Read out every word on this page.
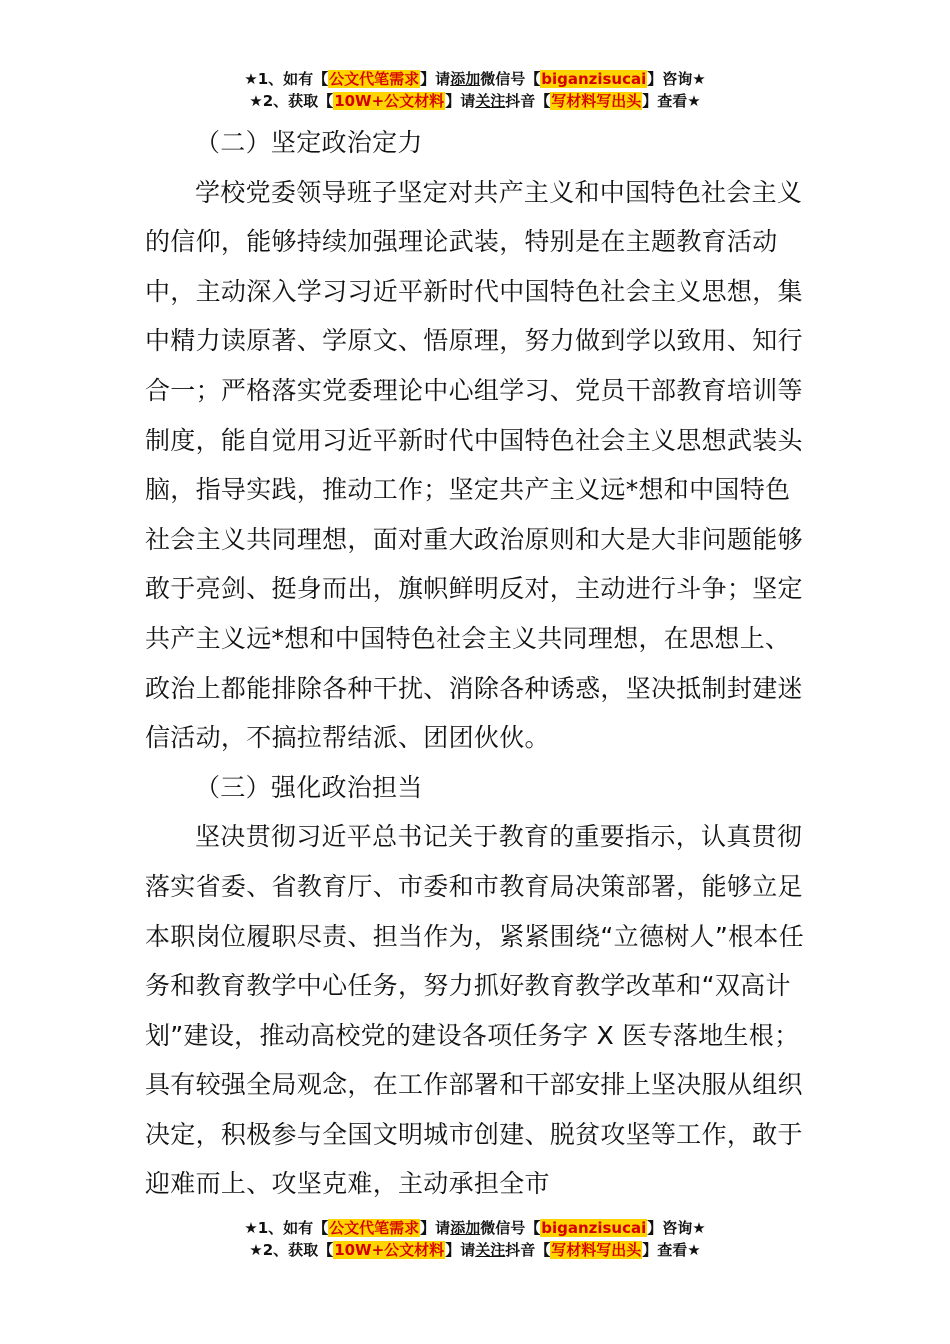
★1、如有【公文代笔需求】请添加微信号【biganzisucai】咨询★
★2、获取【10W+公文材料】请关注抖音【写材料写出头】查看★

（二）坚定政治定力

学校党委领导班子坚定对共产主义和中国特色社会主义的信仰，能够持续加强理论武装，特别是在主题教育活动中，主动深入学习习近平新时代中国特色社会主义思想，集中精力读原著、学原文、悟原理，努力做到学以致用、知行合一；严格落实党委理论中心组学习、党员干部教育培训等制度，能自觉用习近平新时代中国特色社会主义思想武装头脑，指导实践，推动工作；坚定共产主义远*想和中国特色社会主义共同理想，面对重大政治原则和大是大非问题能够敢于亮剑、挺身而出，旗帜鲜明反对，主动进行斗争；坚定共产主义远*想和中国特色社会主义共同理想，在思想上、政治上都能排除各种干扰、消除各种诱惑，坚决抵制封建迷信活动，不搞拉帮结派、团团伙伙。

（三）强化政治担当

坚决贯彻习近平总书记关于教育的重要指示，认真贯彻落实省委、省教育厅、市委和市教育局决策部署，能够立足本职岗位履职尽责、担当作为，紧紧围绕“立德树人”根本任务和教育教学中心任务，努力抓好教育教学改革和“双高计划”建设，推动高校党的建设各项任务字 X 医专落地生根；具有较强全局观念，在工作部署和干部安排上坚决服从组织决定，积极参与全国文明城市创建、脱贫攻坚等工作，敢于迎难而上、攻坚克难，主动承担全市

★1、如有【公文代笔需求】请添加微信号【biganzisucai】咨询★
★2、获取【10W+公文材料】请关注抖音【写材料写出头】查看★
